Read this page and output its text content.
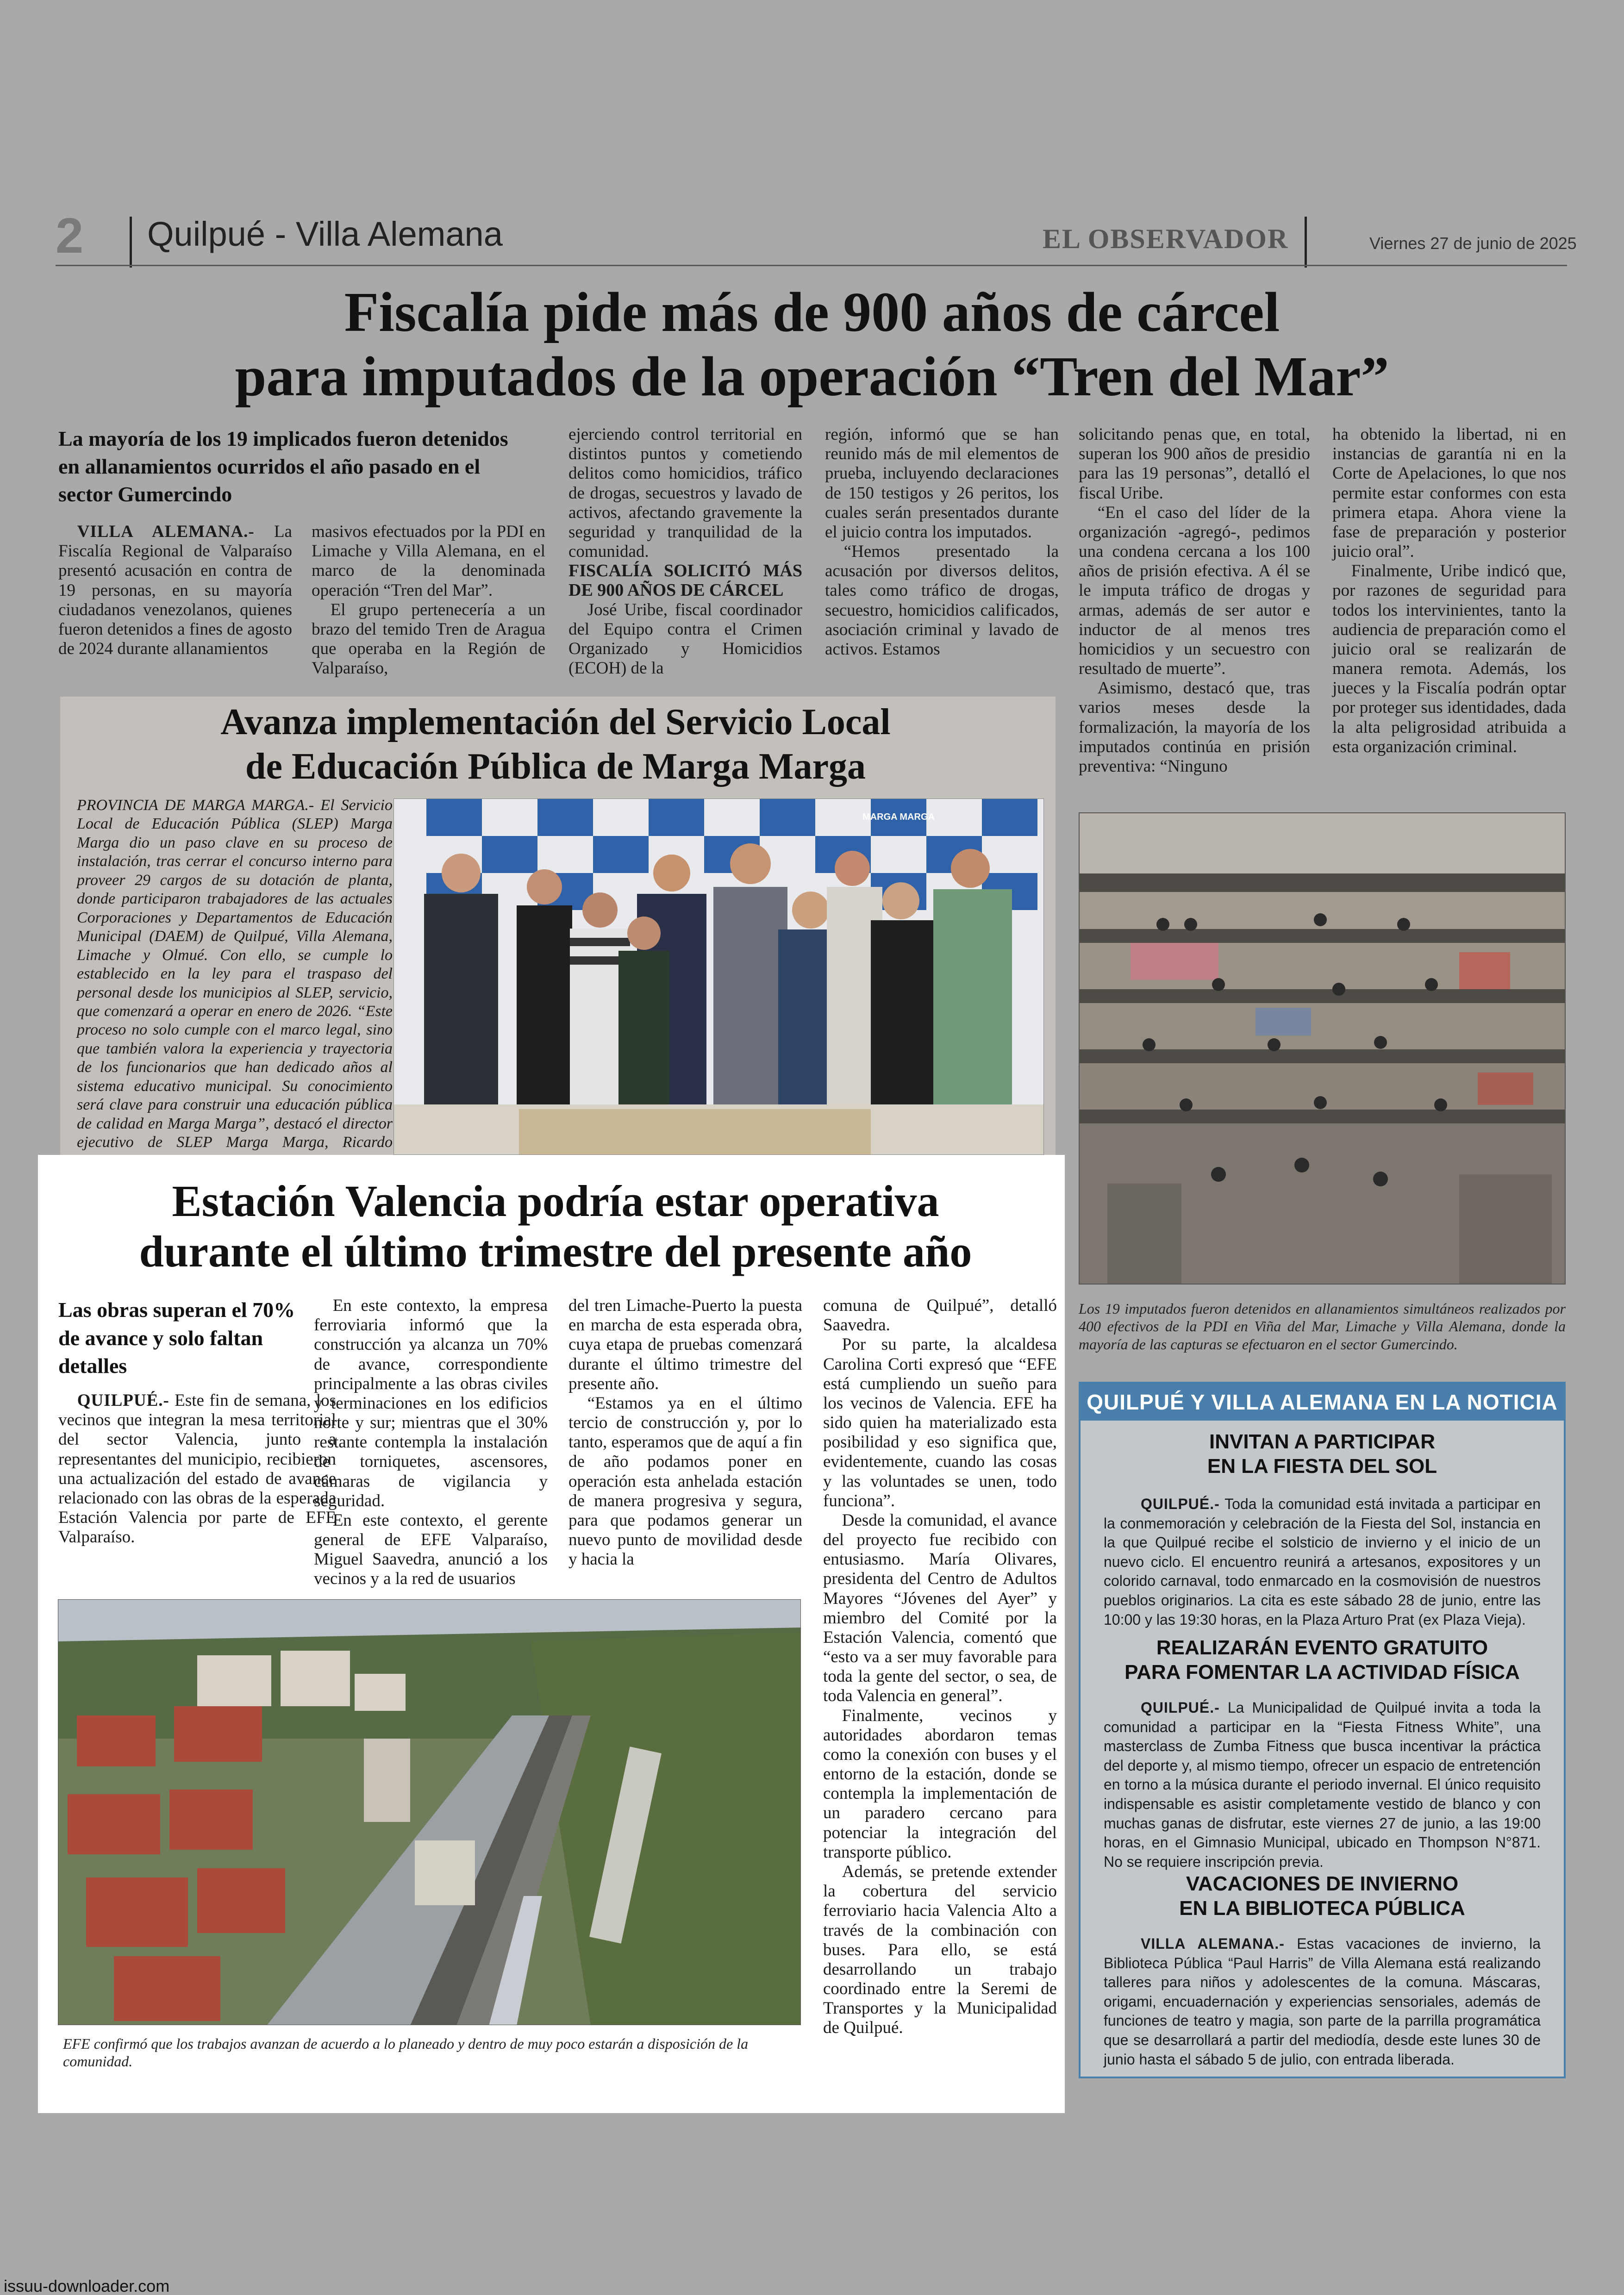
2 Quilpué - Villa Alemana	EL OBSERVADOR	Viernes 27 de junio de 2025
Fiscalía pide más de 900 años de cárcel
para imputados de la operación “Tren del Mar”
La mayoría de los 19 implicados fueron detenidos en allanamientos ocurridos el año pasado en el sector Gumercindo

VILLA ALEMANA.- La Fiscalía Regional de Valparaíso presentó acusación en contra de 19 personas, en su mayoría ciudadanos venezolanos, quienes fueron detenidos a fines de agosto de 2024 durante allanamientos

masivos efectuados por la PDI en Limache y Villa Alemana, en el marco de la denominada operación “Tren del Mar”.

El grupo pertenecería a un brazo del temido Tren de Aragua que operaba en la Región de Valparaíso,

ejerciendo control territorial en distintos puntos y cometiendo delitos como homicidios, tráfico de drogas, secuestros y lavado de activos, afectando gravemente la seguridad y tranquilidad de la comunidad.

FISCALÍA SOLICITÓ MÁS DE 900 AÑOS DE CÁRCEL

José Uribe, fiscal coordinador del Equipo contra el Crimen Organizado y Homicidios (ECOH) de la

región, informó que se han reunido más de mil elementos de prueba, incluyendo declaraciones de 150 testigos y 26 peritos, los cuales serán presentados durante el juicio contra los imputados.

“Hemos presentado la acusación por diversos delitos, tales como tráfico de drogas, secuestro, homicidios calificados, asociación criminal y lavado de activos. Estamos

solicitando penas que, en total, superan los 900 años de presidio para las 19 personas”, detalló el fiscal Uribe.

“En el caso del líder de la organización -agregó-, pedimos una condena cercana a los 100 años de prisión efectiva. A él se le imputa tráfico de drogas y armas, además de ser autor e inductor de al menos tres homicidios y un secuestro con resultado de muerte”.

Asimismo, destacó que, tras varios meses desde la formalización, la mayoría de los imputados continúa en prisión preventiva: “Ninguno

ha obtenido la libertad, ni en instancias de garantía ni en la Corte de Apelaciones, lo que nos permite estar conformes con esta primera etapa. Ahora viene la fase de preparación y posterior juicio oral”.

Finalmente, Uribe indicó que, por razones de seguridad para todos los intervinientes, tanto la audiencia de preparación como el juicio oral se realizarán de manera remota. Además, los jueces y la Fiscalía podrán optar por proteger sus identidades, dada la alta peligrosidad atribuida a esta organización criminal.

Los 19 imputados fueron detenidos en allanamientos simultáneos realizados por 400 efectivos de la PDI en Viña del Mar, Limache y Villa Alemana, donde la mayoría de las capturas se efectuaron en el sector Gumercindo.
Avanza implementación del Servicio Local
de Educación Pública de Marga Marga
PROVINCIA DE MARGA MARGA.- El Servicio Local de Educación Pública (SLEP) Marga Marga dio un paso clave en su proceso de instalación, tras cerrar el concurso interno para proveer 29 cargos de su dotación de planta, donde participaron trabajadores de las actuales Corporaciones y Departamentos de Educación Municipal (DAEM) de Quilpué, Villa Alemana, Limache y Olmué. Con ello, se cumple lo establecido en la ley para el traspaso del personal desde los municipios al SLEP, servicio, que comenzará a operar en enero de 2026. “Este proceso no solo cumple con el marco legal, sino que también valora la experiencia y trayectoria de los funcionarios que han dedicado años al sistema educativo municipal. Su conocimiento será clave para construir una educación pública de calidad en Marga Marga”, destacó el director ejecutivo de SLEP Marga Marga, Ricardo
MARGA MARGA
Estación Valencia podría estar operativa
durante el último trimestre del presente año
Las obras superan el 70% de avance y solo faltan detalles

QUILPUÉ.- Este fin de semana, los vecinos que integran la mesa territorial del sector Valencia, junto a representantes del municipio, recibieron una actualización del estado de avance relacionado con las obras de la esperada Estación Valencia por parte de EFE Valparaíso.

En este contexto, la empresa ferroviaria informó que la construcción ya alcanza un 70% de avance, correspondiente principalmente a las obras civiles y terminaciones en los edificios norte y sur; mientras que el 30% restante contempla la instalación de torniquetes, ascensores, cámaras de vigilancia y seguridad.

En este contexto, el gerente general de EFE Valparaíso, Miguel Saavedra, anunció a los vecinos y a la red de usuarios

del tren Limache-Puerto la puesta en marcha de esta esperada obra, cuya etapa de pruebas comenzará durante el último trimestre del presente año.

“Estamos ya en el último tercio de construcción y, por lo tanto, esperamos que de aquí a fin de año podamos poner en operación esta anhelada estación de manera progresiva y segura, para que podamos generar un nuevo punto de movilidad desde y hacia la

comuna de Quilpué”, detalló Saavedra.

Por su parte, la alcaldesa Carolina Corti expresó que “EFE está cumpliendo un sueño para los vecinos de Valencia. EFE ha sido quien ha materializado esta posibilidad y eso significa que, evidentemente, cuando las cosas y las voluntades se unen, todo funciona”.

Desde la comunidad, el avance del proyecto fue recibido con entusiasmo. María Olivares, presidenta del Centro de Adultos Mayores “Jóvenes del Ayer” y miembro del Comité por la Estación Valencia, comentó que “esto va a ser muy favorable para toda la gente del sector, o sea, de toda Valencia en general”.

Finalmente, vecinos y autoridades abordaron temas como la conexión con buses y el entorno de la estación, donde se contempla la implementación de un paradero cercano para potenciar la integración del transporte público.

Además, se pretende extender la cobertura del servicio ferroviario hacia Valencia Alto a través de la combinación con buses. Para ello, se está desarrollando un trabajo coordinado entre la Seremi de Transportes y la Municipalidad de Quilpué.

EFE confirmó que los trabajos avanzan de acuerdo a lo planeado y dentro de muy poco estarán a disposición de la comunidad.
QUILPUÉ Y VILLA ALEMANA EN LA NOTICIA
INVITAN A PARTICIPAR
EN LA FIESTA DEL SOL
QUILPUÉ.- Toda la comunidad está invitada a participar en la conmemoración y celebración de la Fiesta del Sol, instancia en la que Quilpué recibe el solsticio de invierno y el inicio de un nuevo ciclo. El encuentro reunirá a artesanos, expositores y un colorido carnaval, todo enmarcado en la cosmovisión de nuestros pueblos originarios. La cita es este sábado 28 de junio, entre las 10:00 y las 19:30 horas, en la Plaza Arturo Prat (ex Plaza Vieja).
REALIZARÁN EVENTO GRATUITO
PARA FOMENTAR LA ACTIVIDAD FÍSICA
QUILPUÉ.- La Municipalidad de Quilpué invita a toda la comunidad a participar en la “Fiesta Fitness White”, una masterclass de Zumba Fitness que busca incentivar la práctica del deporte y, al mismo tiempo, ofrecer un espacio de entretención en torno a la música durante el periodo invernal. El único requisito indispensable es asistir completamente vestido de blanco y con muchas ganas de disfrutar, este viernes 27 de junio, a las 19:00 horas, en el Gimnasio Municipal, ubicado en Thompson N°871. No se requiere inscripción previa.
VACACIONES DE INVIERNO
EN LA BIBLIOTECA PÚBLICA
VILLA ALEMANA.- Estas vacaciones de invierno, la Biblioteca Pública “Paul Harris” de Villa Alemana está realizando talleres para niños y adolescentes de la comuna. Máscaras, origami, encuadernación y experiencias sensoriales, además de funciones de teatro y magia, son parte de la parrilla programática que se desarrollará a partir del mediodía, desde este lunes 30 de junio hasta el sábado 5 de julio, con entrada liberada.
issuu-downloader.com
